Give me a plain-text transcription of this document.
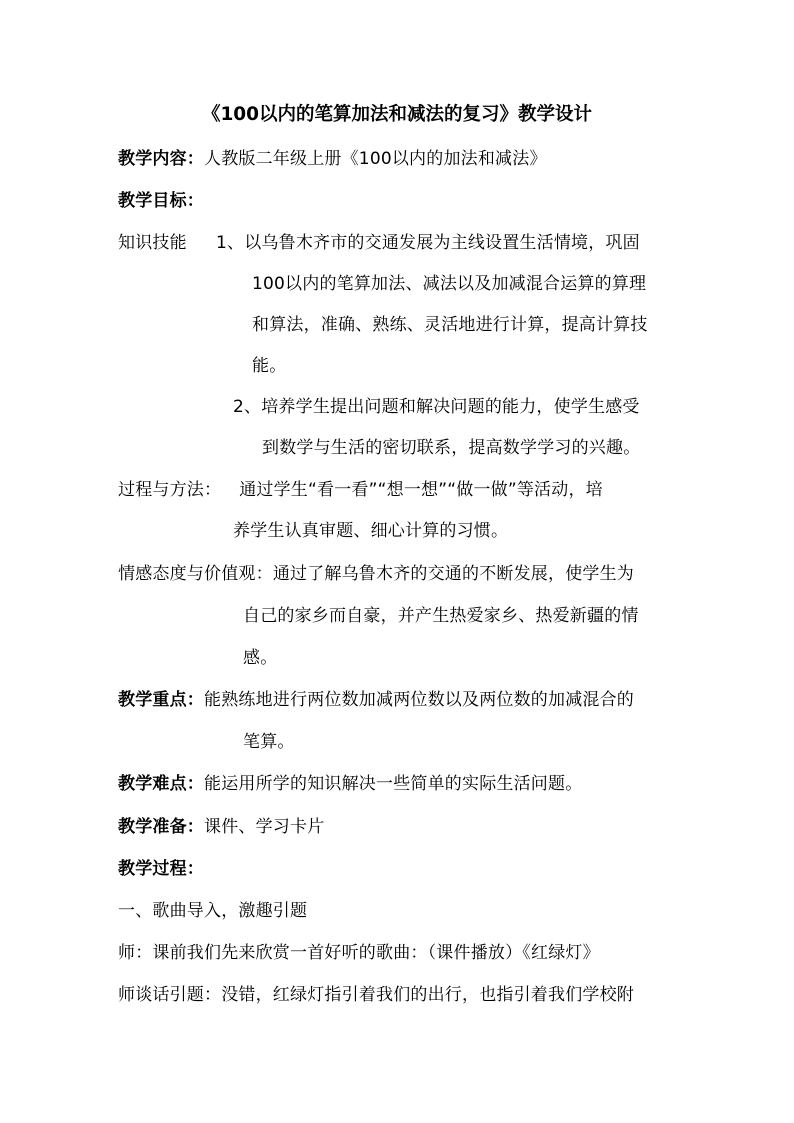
《100以内的笔算加法和减法的复习》教学设计
教学内容：人教版二年级上册《100以内的加法和减法》
教学目标：
知识技能 1、以乌鲁木齐市的交通发展为主线设置生活情境，巩固
100以内的笔算加法、减法以及加减混合运算的算理
和算法，准确、熟练、灵活地进行计算，提高计算技
能。
2、培养学生提出问题和解决问题的能力，使学生感受
到数学与生活的密切联系，提高数学学习的兴趣。
过程与方法： 通过学生“看一看”“想一想”“做一做”等活动，培
养学生认真审题、细心计算的习惯。
情感态度与价值观：通过了解乌鲁木齐的交通的不断发展，使学生为
自己的家乡而自豪，并产生热爱家乡、热爱新疆的情
感。
教学重点：能熟练地进行两位数加减两位数以及两位数的加减混合的
笔算。
教学难点：能运用所学的知识解决一些简单的实际生活问题。
教学准备：课件、学习卡片
教学过程：
一、歌曲导入，激趣引题
师：课前我们先来欣赏一首好听的歌曲：（课件播放）《红绿灯》
师谈话引题：没错，红绿灯指引着我们的出行，也指引着我们学校附
